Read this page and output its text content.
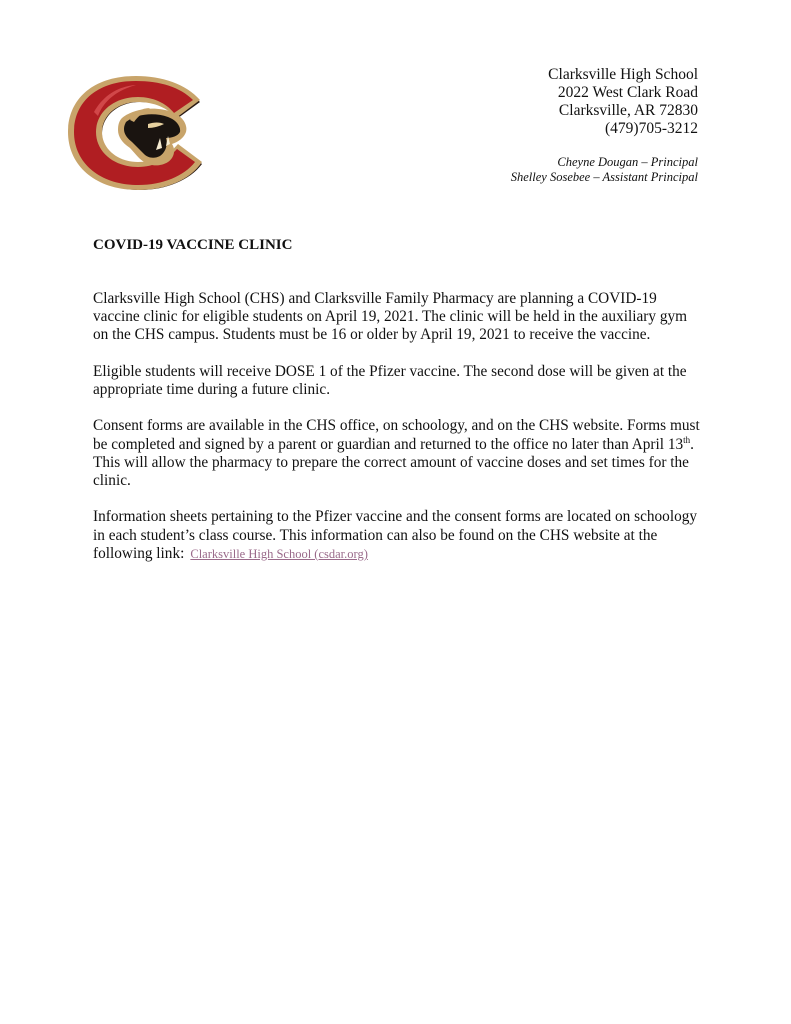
Clarksville High School
2022 West Clark Road
Clarksville, AR 72830
(479)705-3212
Cheyne Dougan – Principal
Shelley Sosebee – Assistant Principal
COVID-19 VACCINE CLINIC

Clarksville High School (CHS) and Clarksville Family Pharmacy are planning a COVID-19 vaccine clinic for eligible students on April 19, 2021. The clinic will be held in the auxiliary gym on the CHS campus. Students must be 16 or older by April 19, 2021 to receive the vaccine.

Eligible students will receive DOSE 1 of the Pfizer vaccine. The second dose will be given at the appropriate time during a future clinic.

Consent forms are available in the CHS office, on schoology, and on the CHS website. Forms must be completed and signed by a parent or guardian and returned to the office no later than April 13th. This will allow the pharmacy to prepare the correct amount of vaccine doses and set times for the clinic.

Information sheets pertaining to the Pfizer vaccine and the consent forms are located on schoology in each student’s class course. This information can also be found on the CHS website at the following link: Clarksville High School (csdar.org)
